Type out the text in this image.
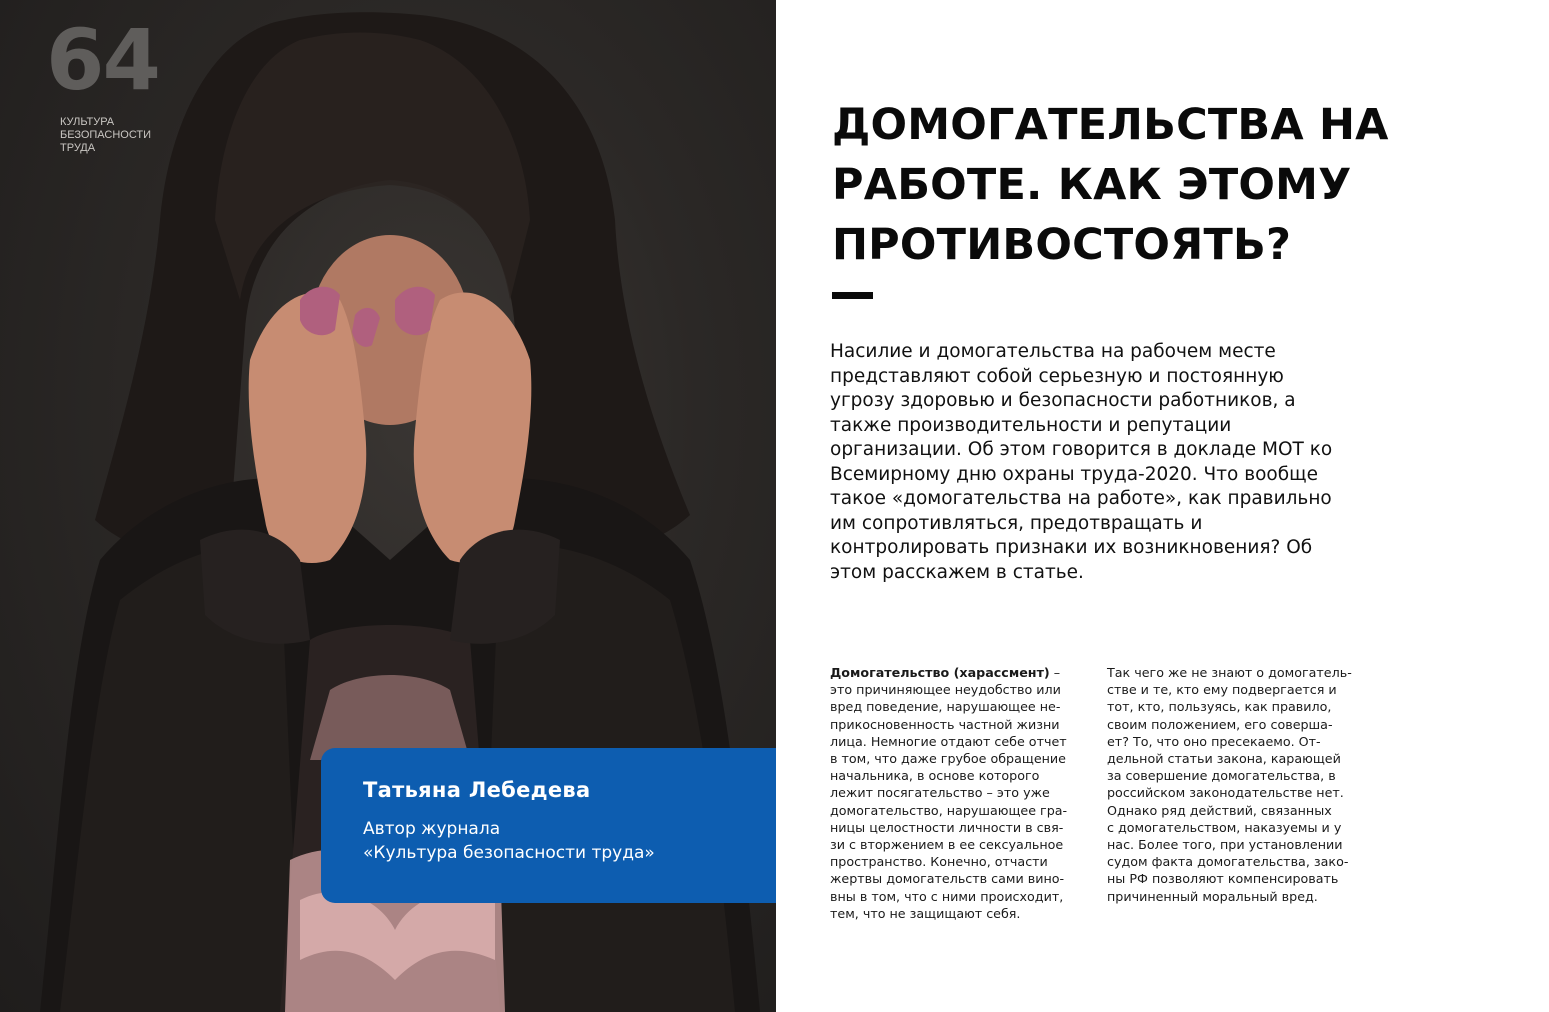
64
КУЛЬТУРА БЕЗОПАСНОСТИ ТРУДА
Татьяна Лебедева
Автор журнала
«Культура безопасности труда»
ДОМОГАТЕЛЬСТВА НА
РАБОТЕ. КАК ЭТОМУ
ПРОТИВОСТОЯТЬ?

Насилие и домогательства на рабочем месте

представляют собой серьезную и постоянную

угрозу здоровью и безопасности работников, а

также производительности и репутации

организации. Об этом говорится в докладе МОТ ко

Всемирному дню охраны труда-2020. Что вообще

такое «домогательства на работе», как правильно

им сопротивляться, предотвращать и

контролировать признаки их возникновения? Об

этом расскажем в статье.

Домогательство (харассмент) –

это причиняющее неудобство или

вред поведение, нарушающее не-

прикосновенность частной жизни

лица. Немногие отдают себе отчет

в том, что даже грубое обращение

начальника, в основе которого

лежит посягательство – это уже

домогательство, нарушающее гра-

ницы целостности личности в свя-

зи с вторжением в ее сексуальное

пространство. Конечно, отчасти

жертвы домогательств сами вино-

вны в том, что с ними происходит,

тем, что не защищают себя.

Так чего же не знают о домогатель-

стве и те, кто ему подвергается и

тот, кто, пользуясь, как правило,

своим положением, его совершa-

ет? То, что оно пресекаемо. От-

дельной статьи закона, карающей

за совершение домогательства, в

российском законодательстве нет.

Однако ряд действий, связанных

с домогательством, наказуемы и у

нас. Более того, при установлении

судом факта домогательства, зако-

ны РФ позволяют компенсировать

причиненный моральный вред.
